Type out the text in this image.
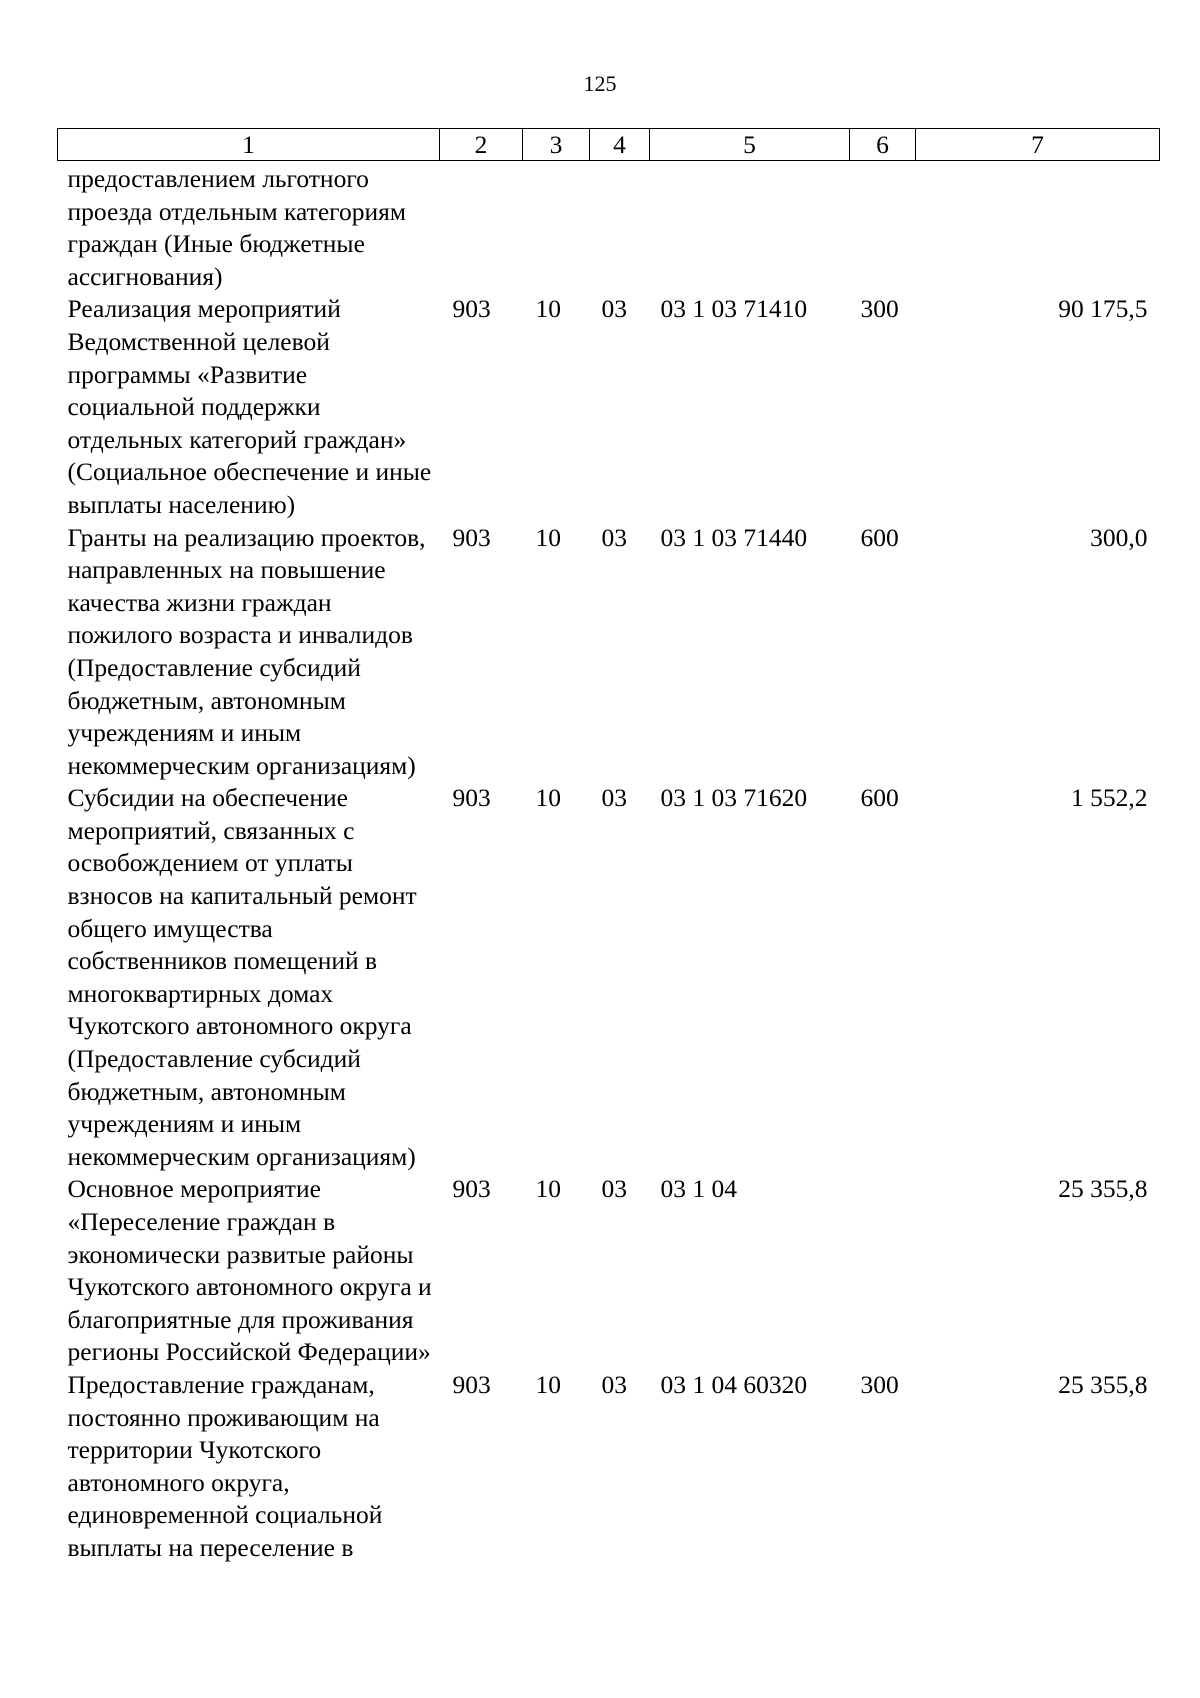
125
1	2	3	4	5	6	7
предоставлением льготного проезда отдельным категориям граждан (Иные бюджетные ассигнования)						
Реализация мероприятий Ведомственной целевой программы «Развитие социальной поддержки отдельных категорий граждан» (Социальное обеспечение и иные выплаты населению)	903	10	03	03 1 03 71410	300	90 175,5
Гранты на реализацию проектов, направленных на повышение качества жизни граждан пожилого возраста и инвалидов (Предоставление субсидий бюджетным, автономным учреждениям и иным некоммерческим организациям)	903	10	03	03 1 03 71440	600	300,0
Субсидии на обеспечение мероприятий, связанных с освобождением от уплаты взносов на капитальный ремонт общего имущества собственников помещений в многоквартирных домах Чукотского автономного округа (Предоставление субсидий бюджетным, автономным учреждениям и иным некоммерческим организациям)	903	10	03	03 1 03 71620	600	1 552,2
Основное мероприятие «Переселение граждан в экономически развитые районы Чукотского автономного округа и благоприятные для проживания регионы Российской Федерации»	903	10	03	03 1 04		25 355,8
Предоставление гражданам, постоянно проживающим на территории Чукотского автономного округа, единовременной социальной выплаты на переселение в	903	10	03	03 1 04 60320	300	25 355,8
